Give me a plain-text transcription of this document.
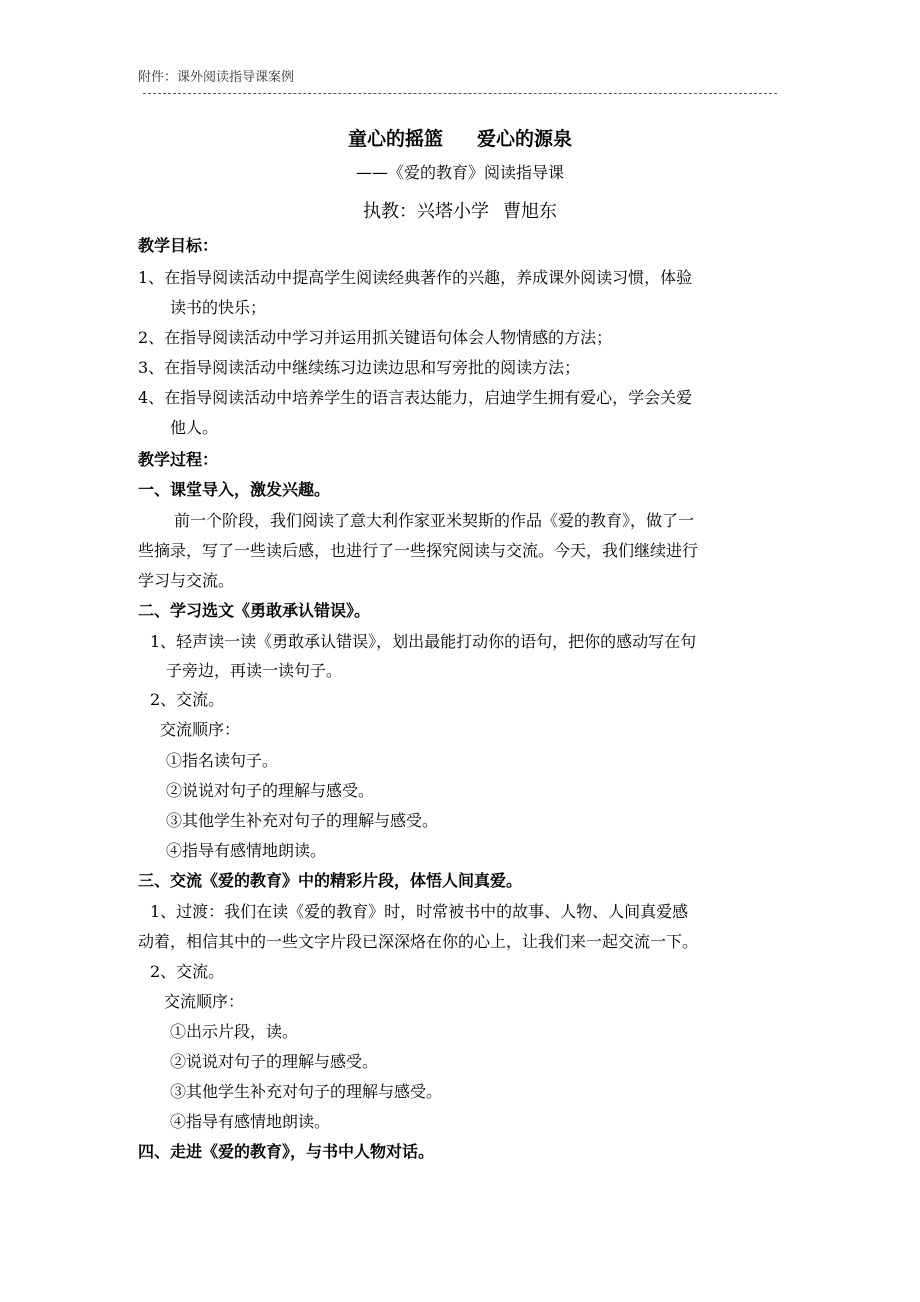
附件：课外阅读指导课案例
童心的摇篮 爱心的源泉
——《爱的教育》阅读指导课
执教：兴塔小学 曹旭东
教学目标：
1、在指导阅读活动中提高学生阅读经典著作的兴趣，养成课外阅读习惯，体验
读书的快乐；
2、在指导阅读活动中学习并运用抓关键语句体会人物情感的方法；
3、在指导阅读活动中继续练习边读边思和写旁批的阅读方法；
4、在指导阅读活动中培养学生的语言表达能力，启迪学生拥有爱心，学会关爱
他人。
教学过程：
一、课堂导入，激发兴趣。
前一个阶段，我们阅读了意大利作家亚米契斯的作品《爱的教育》，做了一
些摘录，写了一些读后感，也进行了一些探究阅读与交流。今天，我们继续进行
学习与交流。
二、学习选文《勇敢承认错误》。
1、轻声读一读《勇敢承认错误》，划出最能打动你的语句，把你的感动写在句
子旁边，再读一读句子。
2、交流。
交流顺序：
①指名读句子。
②说说对句子的理解与感受。
③其他学生补充对句子的理解与感受。
④指导有感情地朗读。
三、交流《爱的教育》中的精彩片段，体悟人间真爱。
1、过渡：我们在读《爱的教育》时，时常被书中的故事、人物、人间真爱感
动着，相信其中的一些文字片段已深深烙在你的心上，让我们来一起交流一下。
2、交流。
交流顺序：
①出示片段，读。
②说说对句子的理解与感受。
③其他学生补充对句子的理解与感受。
④指导有感情地朗读。
四、走进《爱的教育》，与书中人物对话。
